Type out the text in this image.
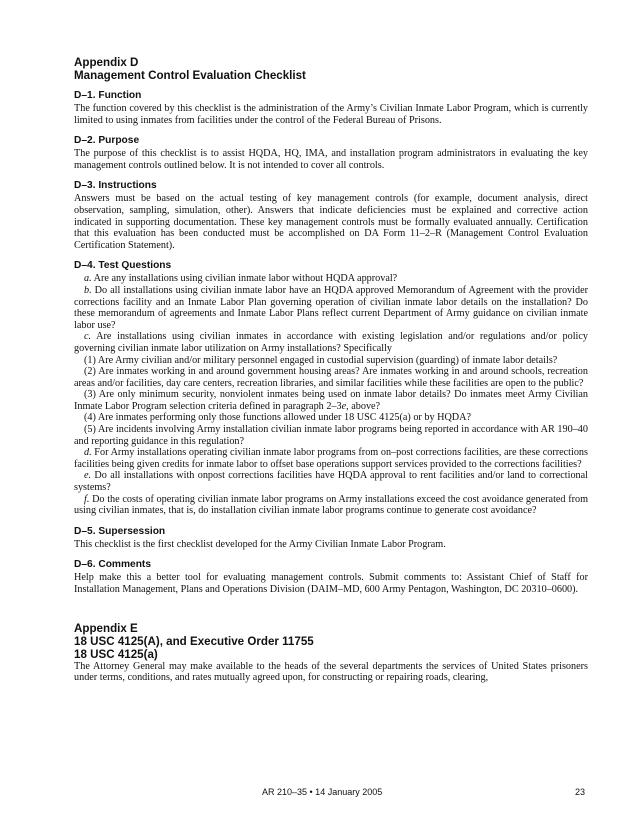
Appendix D
Management Control Evaluation Checklist
D–1. Function

The function covered by this checklist is the administration of the Army’s Civilian Inmate Labor Program, which is currently limited to using inmates from facilities under the control of the Federal Bureau of Prisons.

D–2. Purpose

The purpose of this checklist is to assist HQDA, HQ, IMA, and installation program administrators in evaluating the key management controls outlined below. It is not intended to cover all controls.

D–3. Instructions

Answers must be based on the actual testing of key management controls (for example, document analysis, direct observation, sampling, simulation, other). Answers that indicate deficiencies must be explained and corrective action indicated in supporting documentation. These key management controls must be formally evaluated annually. Certification that this evaluation has been conducted must be accomplished on DA Form 11–2–R (Management Control Evaluation Certification Statement).

D–4. Test Questions

a. Are any installations using civilian inmate labor without HQDA approval?

b. Do all installations using civilian inmate labor have an HQDA approved Memorandum of Agreement with the provider corrections facility and an Inmate Labor Plan governing operation of civilian inmate labor details on the installation? Do these memorandum of agreements and Inmate Labor Plans reflect current Department of Army guidance on civilian inmate labor use?

c. Are installations using civilian inmates in accordance with existing legislation and/or regulations and/or policy governing civilian inmate labor utilization on Army installations? Specifically

(1) Are Army civilian and/or military personnel engaged in custodial supervision (guarding) of inmate labor details?

(2) Are inmates working in and around government housing areas? Are inmates working in and around schools, recreation areas and/or facilities, day care centers, recreation libraries, and similar facilities while these facilities are open to the public?

(3) Are only minimum security, nonviolent inmates being used on inmate labor details? Do inmates meet Army Civilian Inmate Labor Program selection criteria defined in paragraph 2–3e, above?

(4) Are inmates performing only those functions allowed under 18 USC 4125(a) or by HQDA?

(5) Are incidents involving Army installation civilian inmate labor programs being reported in accordance with AR 190–40 and reporting guidance in this regulation?

d. For Army installations operating civilian inmate labor programs from on–post corrections facilities, are these corrections facilities being given credits for inmate labor to offset base operations support services provided to the corrections facilities?

e. Do all installations with onpost corrections facilities have HQDA approval to rent facilities and/or land to correctional systems?

f. Do the costs of operating civilian inmate labor programs on Army installations exceed the cost avoidance generated from using civilian inmates, that is, do installation civilian inmate labor programs continue to generate cost avoidance?

D–5. Supersession

This checklist is the first checklist developed for the Army Civilian Inmate Labor Program.

D–6. Comments

Help make this a better tool for evaluating management controls. Submit comments to: Assistant Chief of Staff for Installation Management, Plans and Operations Division (DAIM–MD, 600 Army Pentagon, Washington, DC 20310–0600).

Appendix E
18 USC 4125(A), and Executive Order 11755
18 USC 4125(a)

The Attorney General may make available to the heads of the several departments the services of United States prisoners under terms, conditions, and rates mutually agreed upon, for constructing or repairing roads, clearing,

AR 210–35 • 14 January 2005	23
